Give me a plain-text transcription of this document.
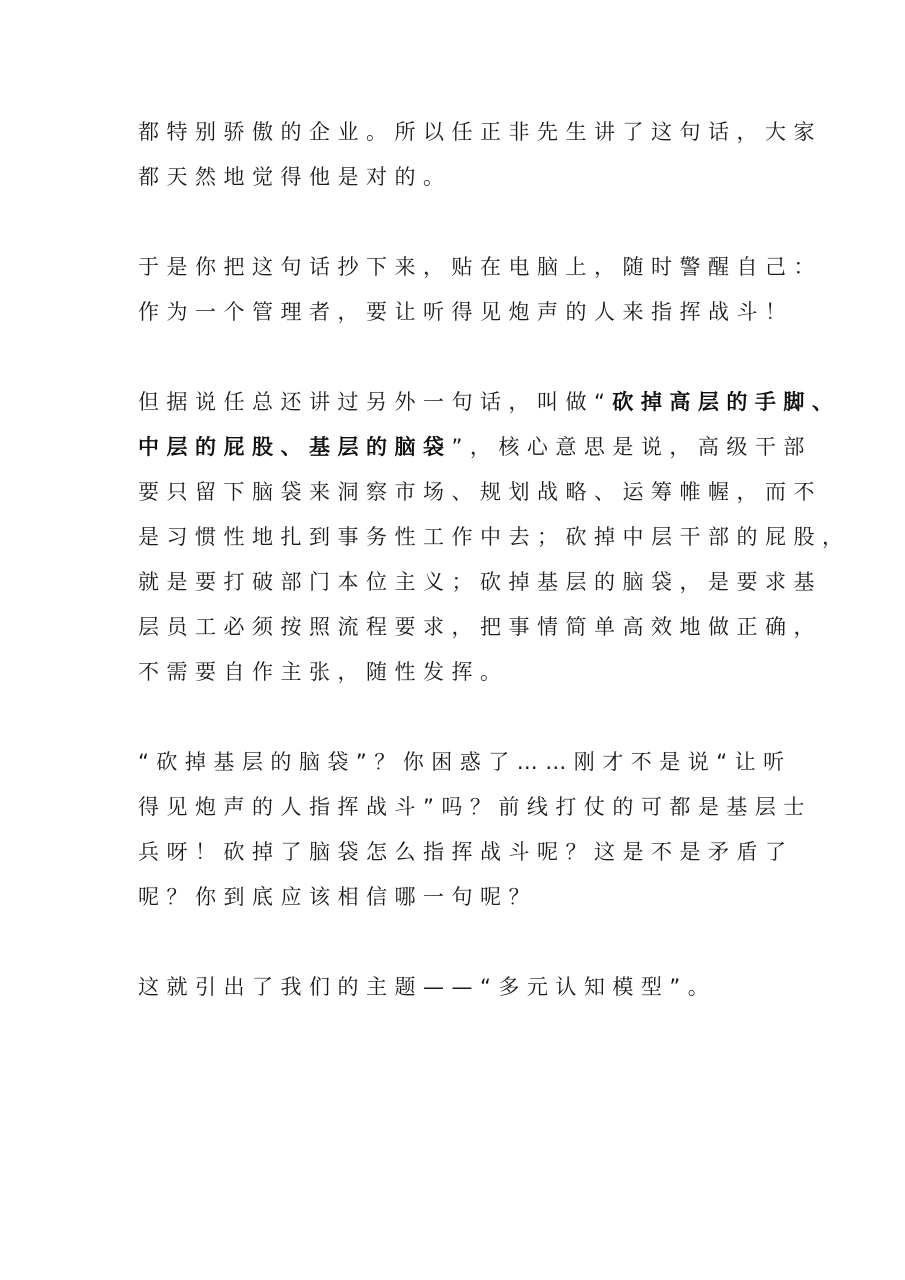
都特别骄傲的企业。所以任正非先生讲了这句话，大家
都天然地觉得他是对的。

于是你把这句话抄下来，贴在电脑上，随时警醒自己：
作为一个管理者，要让听得见炮声的人来指挥战斗！

但据说任总还讲过另外一句话，叫做“砍掉高层的手脚、
中层的屁股、基层的脑袋”，核心意思是说，高级干部
要只留下脑袋来洞察市场、规划战略、运筹帷幄，而不
是习惯性地扎到事务性工作中去；砍掉中层干部的屁股，
就是要打破部门本位主义；砍掉基层的脑袋，是要求基
层员工必须按照流程要求，把事情简单高效地做正确，
不需要自作主张，随性发挥。

“砍掉基层的脑袋”？你困惑了……刚才不是说“让听
得见炮声的人指挥战斗”吗？前线打仗的可都是基层士
兵呀！砍掉了脑袋怎么指挥战斗呢？这是不是矛盾了
呢？你到底应该相信哪一句呢？

这就引出了我们的主题——“多元认知模型”。
